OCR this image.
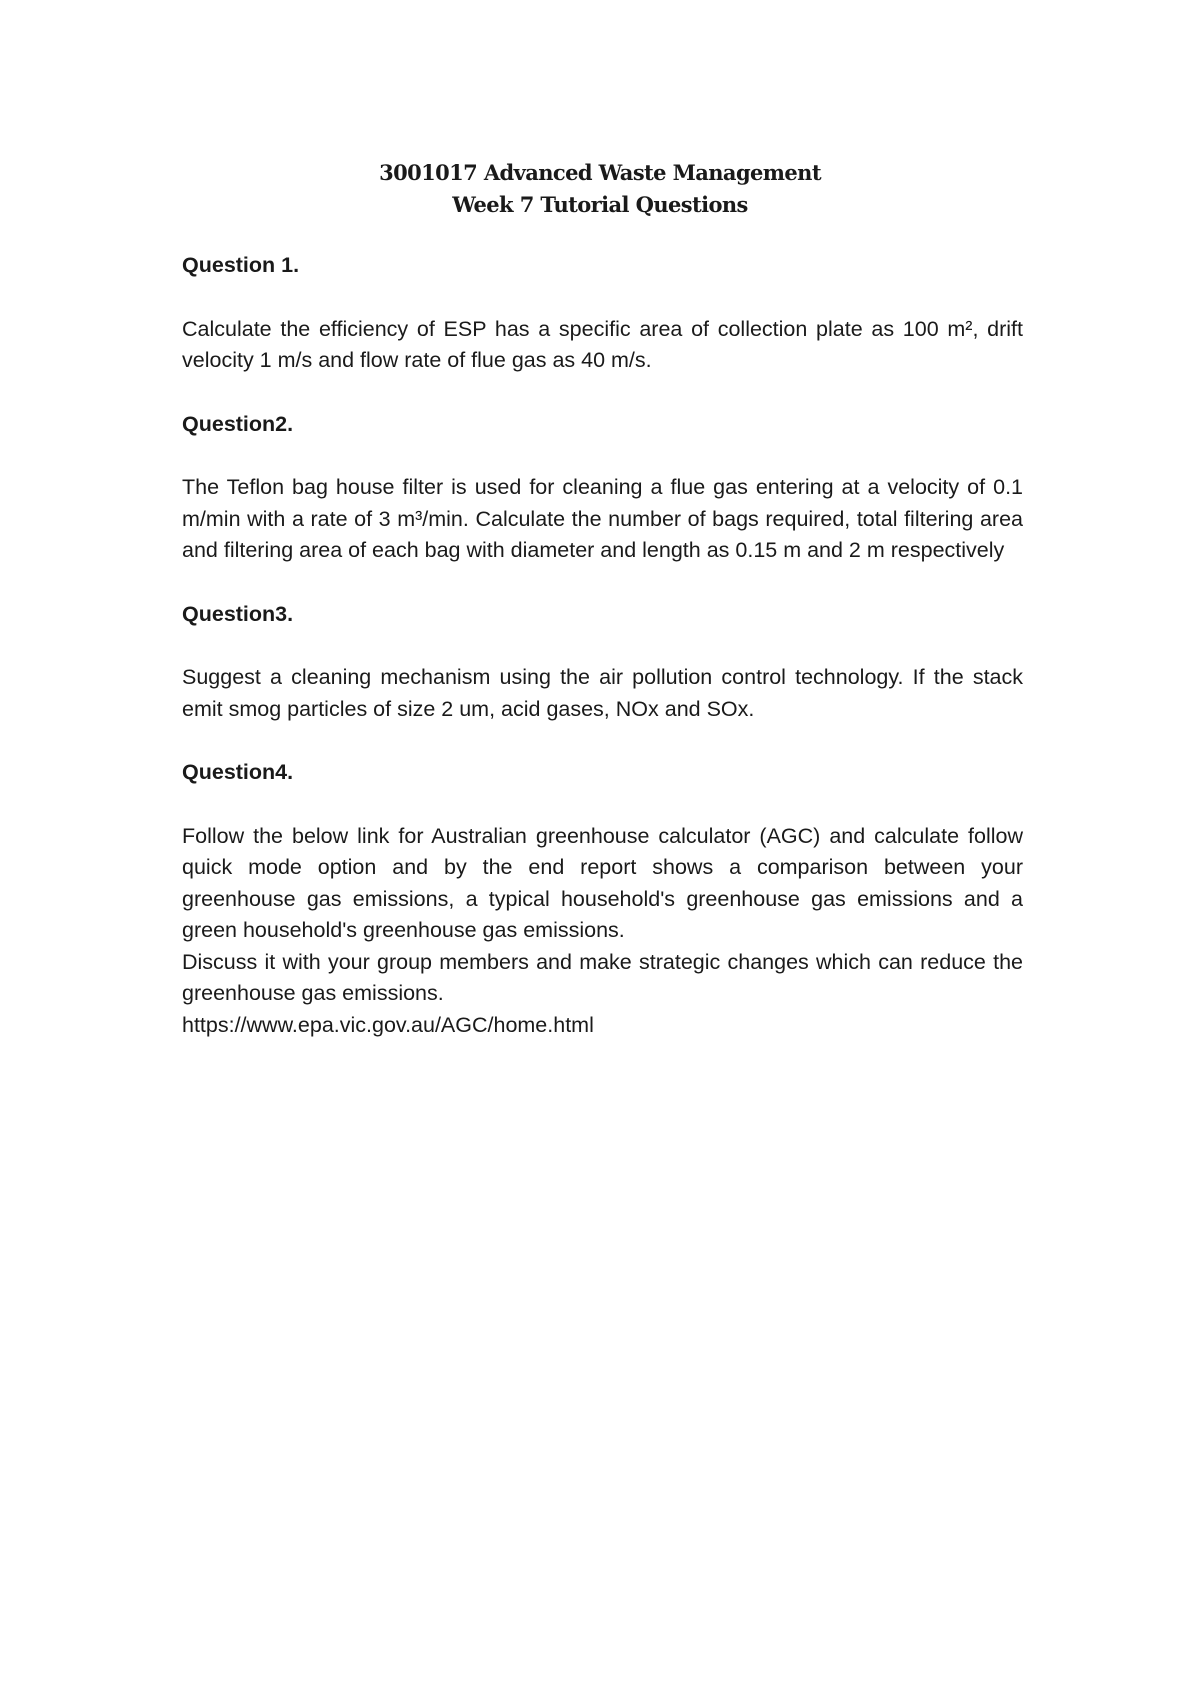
3001017 Advanced Waste Management
Week 7 Tutorial Questions

Question 1.

Calculate the efficiency of ESP has a specific area of collection plate as 100 m², drift velocity 1 m/s and flow rate of flue gas as 40 m/s.

Question2.

The Teflon bag house filter is used for cleaning a flue gas entering at a velocity of 0.1 m/min with a rate of 3 m³/min. Calculate the number of bags required, total filtering area and filtering area of each bag with diameter and length as 0.15 m and 2 m respectively

Question3.

Suggest a cleaning mechanism using the air pollution control technology. If the stack emit smog particles of size 2 um, acid gases, NOx and SOx.

Question4.

Follow the below link for Australian greenhouse calculator (AGC) and calculate follow quick mode option and by the end report shows a comparison between your greenhouse gas emissions, a typical household's greenhouse gas emissions and a green household's greenhouse gas emissions.

Discuss it with your group members and make strategic changes which can reduce the greenhouse gas emissions.

https://www.epa.vic.gov.au/AGC/home.html
